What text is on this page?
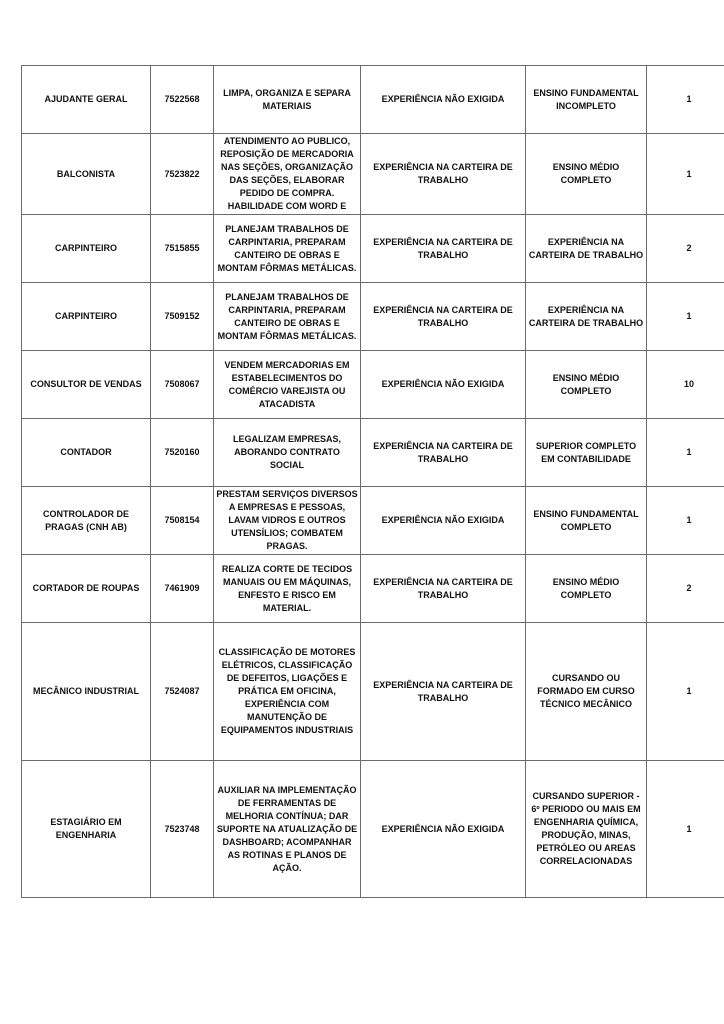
AJUDANTE GERAL	7522568	LIMPA, ORGANIZA E SEPARA MATERIAIS	EXPERIÊNCIA NÃO EXIGIDA	ENSINO FUNDAMENTAL INCOMPLETO	1
BALCONISTA	7523822	ATENDIMENTO AO PUBLICO, REPOSIÇÃO DE MERCADORIA NAS SEÇÕES, ORGANIZAÇÃO DAS SEÇÕES, ELABORAR PEDIDO DE COMPRA. HABILIDADE COM WORD E	EXPERIÊNCIA NA CARTEIRA DE TRABALHO	ENSINO MÉDIO COMPLETO	1
CARPINTEIRO	7515855	PLANEJAM TRABALHOS DE CARPINTARIA, PREPARAM CANTEIRO DE OBRAS E MONTAM FÔRMAS METÁLICAS.	EXPERIÊNCIA NA CARTEIRA DE TRABALHO	EXPERIÊNCIA NA CARTEIRA DE TRABALHO	2
CARPINTEIRO	7509152	PLANEJAM TRABALHOS DE CARPINTARIA, PREPARAM CANTEIRO DE OBRAS E MONTAM FÔRMAS METÁLICAS.	EXPERIÊNCIA NA CARTEIRA DE TRABALHO	EXPERIÊNCIA NA CARTEIRA DE TRABALHO	1
CONSULTOR DE VENDAS	7508067	VENDEM MERCADORIAS EM ESTABELECIMENTOS DO COMÉRCIO VAREJISTA OU ATACADISTA	EXPERIÊNCIA NÃO EXIGIDA	ENSINO MÉDIO COMPLETO	10
CONTADOR	7520160	LEGALIZAM EMPRESAS, ABORANDO CONTRATO SOCIAL	EXPERIÊNCIA NA CARTEIRA DE TRABALHO	SUPERIOR COMPLETO EM CONTABILIDADE	1
CONTROLADOR DE PRAGAS (CNH AB)	7508154	PRESTAM SERVIÇOS DIVERSOS A EMPRESAS E PESSOAS, LAVAM VIDROS E OUTROS UTENSÍLIOS; COMBATEM PRAGAS.	EXPERIÊNCIA NÃO EXIGIDA	ENSINO FUNDAMENTAL COMPLETO	1
CORTADOR DE ROUPAS	7461909	REALIZA CORTE DE TECIDOS MANUAIS OU EM MÁQUINAS, ENFESTO E RISCO EM MATERIAL.	EXPERIÊNCIA NA CARTEIRA DE TRABALHO	ENSINO MÉDIO COMPLETO	2
MECÂNICO INDUSTRIAL	7524087	CLASSIFICAÇÃO DE MOTORES ELÉTRICOS, CLASSIFICAÇÃO DE DEFEITOS, LIGAÇÕES E PRÁTICA EM OFICINA, EXPERIÊNCIA COM MANUTENÇÃO DE EQUIPAMENTOS INDUSTRIAIS	EXPERIÊNCIA NA CARTEIRA DE TRABALHO	CURSANDO OU FORMADO EM CURSO TÉCNICO MECÂNICO	1
ESTAGIÁRIO EM ENGENHARIA	7523748	AUXILIAR NA IMPLEMENTAÇÃO DE FERRAMENTAS DE MELHORIA CONTÍNUA; DAR SUPORTE NA ATUALIZAÇÃO DE DASHBOARD; ACOMPANHAR AS ROTINAS E PLANOS DE AÇÃO.	EXPERIÊNCIA NÃO EXIGIDA	CURSANDO SUPERIOR - 6º PERIODO OU MAIS EM ENGENHARIA QUÍMICA, PRODUÇÃO, MINAS, PETRÓLEO OU AREAS CORRELACIONADAS	1
